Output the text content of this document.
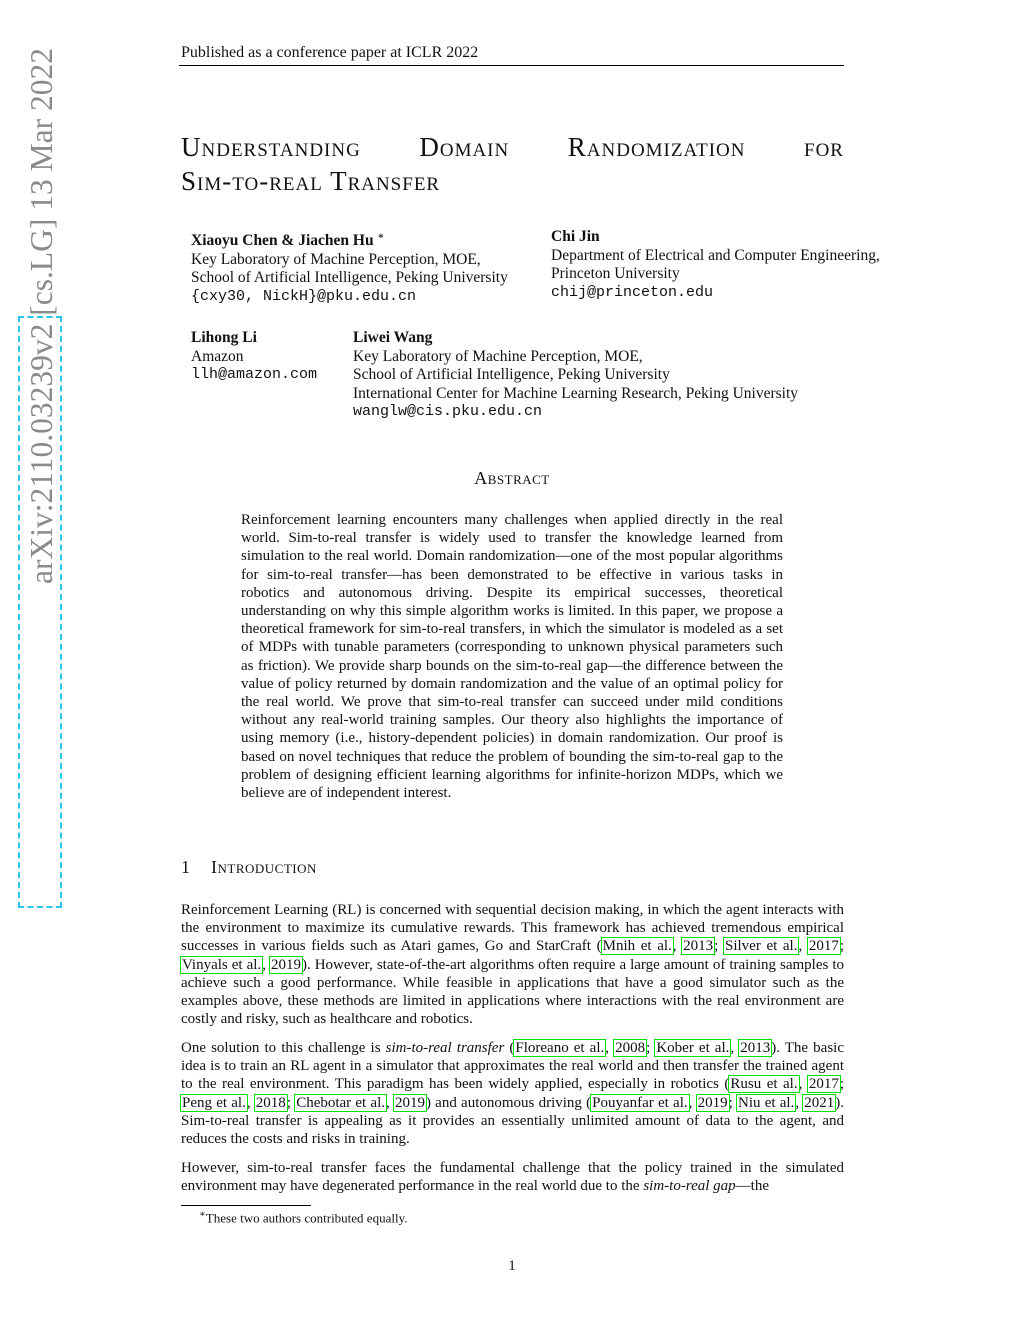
Published as a conference paper at ICLR 2022
arXiv:2110.03239v2 [cs.LG] 13 Mar 2022	Understanding Domain Randomization for
Sim-to-real Transfer
Xiaoyu Chen & Jiachen Hu ∗
Key Laboratory of Machine Perception, MOE,
School of Artificial Intelligence, Peking University
{cxy30, NickH}@pku.edu.cn
Chi Jin
Department of Electrical and Computer Engineering,
Princeton University
chij@princeton.edu
Lihong Li
Amazon
llh@amazon.com
Liwei Wang
Key Laboratory of Machine Perception, MOE,
School of Artificial Intelligence, Peking University
International Center for Machine Learning Research, Peking University
wanglw@cis.pku.edu.cn
Abstract
Reinforcement learning encounters many challenges when applied directly in the real world. Sim-to-real transfer is widely used to transfer the knowledge learned from simulation to the real world. Domain randomization—one of the most popular algorithms for sim-to-real transfer—has been demonstrated to be effective in various tasks in robotics and autonomous driving. Despite its empirical successes, theoretical understanding on why this simple algorithm works is limited. In this paper, we propose a theoretical framework for sim-to-real transfers, in which the simulator is modeled as a set of MDPs with tunable parameters (corresponding to unknown physical parameters such as friction). We provide sharp bounds on the sim-to-real gap—the difference between the value of policy returned by domain randomization and the value of an optimal policy for the real world. We prove that sim-to-real transfer can succeed under mild conditions without any real-world training samples. Our theory also highlights the importance of using memory (i.e., history-dependent policies) in domain randomization. Our proof is based on novel techniques that reduce the problem of bounding the sim-to-real gap to the problem of designing efficient learning algorithms for infinite-horizon MDPs, which we believe are of independent interest.
1 Introduction
Reinforcement Learning (RL) is concerned with sequential decision making, in which the agent interacts with the environment to maximize its cumulative rewards. This framework has achieved tremendous empirical successes in various fields such as Atari games, Go and StarCraft (Mnih et al., 2013; Silver et al., 2017; Vinyals et al., 2019). However, state-of-the-art algorithms often require a large amount of training samples to achieve such a good performance. While feasible in applications that have a good simulator such as the examples above, these methods are limited in applications where interactions with the real environment are costly and risky, such as healthcare and robotics.
One solution to this challenge is sim-to-real transfer (Floreano et al., 2008; Kober et al., 2013). The basic idea is to train an RL agent in a simulator that approximates the real world and then transfer the trained agent to the real environment. This paradigm has been widely applied, especially in robotics (Rusu et al., 2017; Peng et al., 2018; Chebotar et al., 2019) and autonomous driving (Pouyanfar et al., 2019; Niu et al., 2021). Sim-to-real transfer is appealing as it provides an essentially unlimited amount of data to the agent, and reduces the costs and risks in training.
However, sim-to-real transfer faces the fundamental challenge that the policy trained in the simulated environment may have degenerated performance in the real world due to the sim-to-real gap—the
∗These two authors contributed equally.
1
